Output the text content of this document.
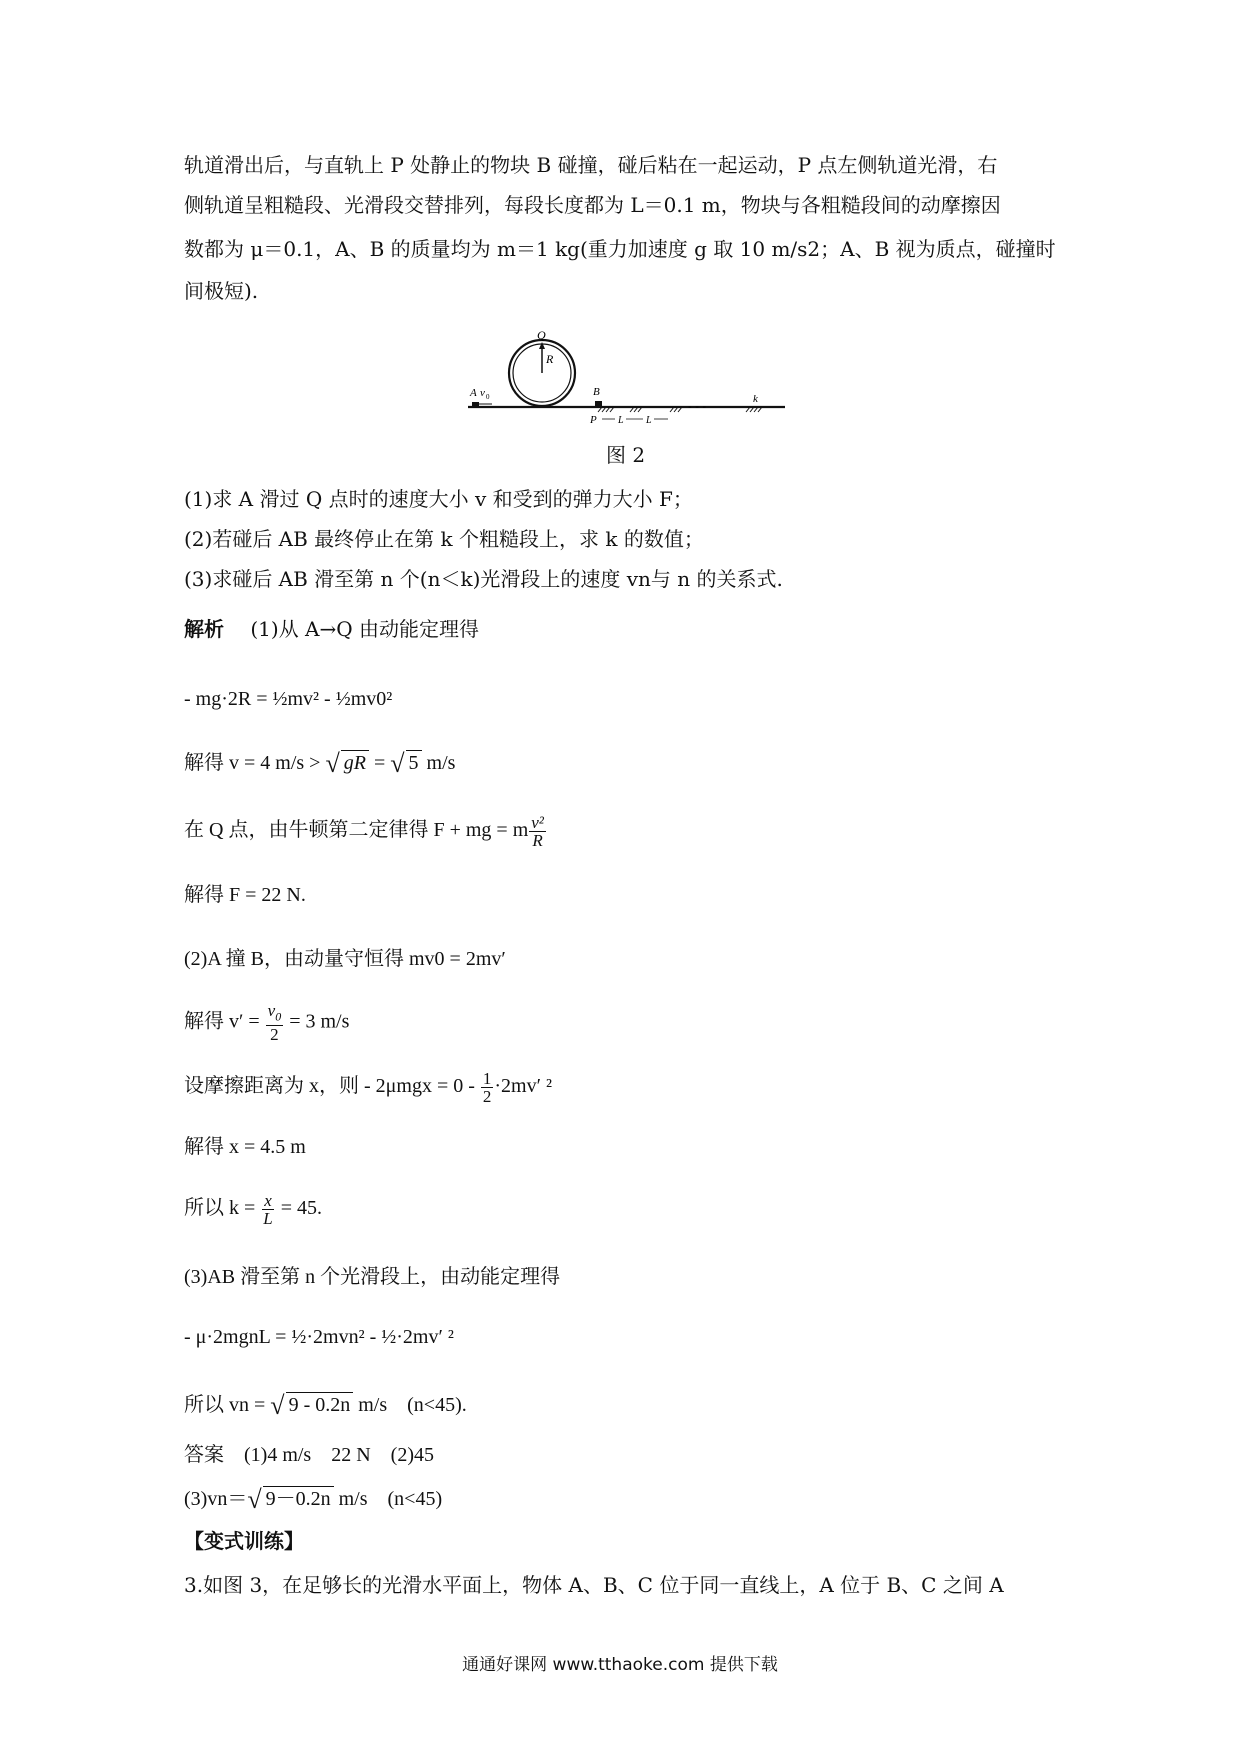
轨道滑出后，与直轨上 P 处静止的物块 B 碰撞，碰后粘在一起运动，P 点左侧轨道光滑，右
侧轨道呈粗糙段、光滑段交替排列，每段长度都为 L＝0.1 m，物块与各粗糙段间的动摩擦因
数都为 μ＝0.1，A、B 的质量均为 m＝1 kg(重力加速度 g 取 10 m/s2；A、B 视为质点，碰撞时
间极短).
Q
R
A v 0	B
P L L
- - -
k
图 2
(1)求 A 滑过 Q 点时的速度大小 v 和受到的弹力大小 F；
(2)若碰后 AB 最终停止在第 k 个粗糙段上，求 k 的数值；
(3)求碰后 AB 滑至第 n 个(n＜k)光滑段上的速度 vn与 n 的关系式.
解析　 (1)从 A→Q 由动能定理得
- mg·2R = ½mv² - ½mv0²
解得 v = 4 m/s > √ gR = √ 5 m/s
在 Q 点，由牛顿第二定律得 F + mg = m $\frac{\text{v²}}{R}$
解得 F = 22 N.
(2)A 撞 B，由动量守恒得 mv0 = 2mv′
解得 $v' = \frac{v_0}{2} = 3$ m/s
设摩擦距离为 x，则 - $2\mu mgx = 0 - \frac{1}{2} \cdot 2mv'$ ²
解得 x = 4.5 m
所以 $k = \frac{x}{L} = 45$.
(3)AB 滑至第 n 个光滑段上，由动能定理得
- μ·2mgnL = ½·2mvn² - ½·2mv′ ²
所以 vn = √ 9 - 0.2n m/s　(n<45).
答案　(1)4 m/s　22 N　(2)45
(3)vn＝√ 9－0.2n m/s　(n<45)
【变式训练】
3.如图 3，在足够长的光滑水平面上，物体 A、B、C 位于同一直线上，A 位于 B、C 之间 A
通通好课网 www.tthaoke.com 提供下载
